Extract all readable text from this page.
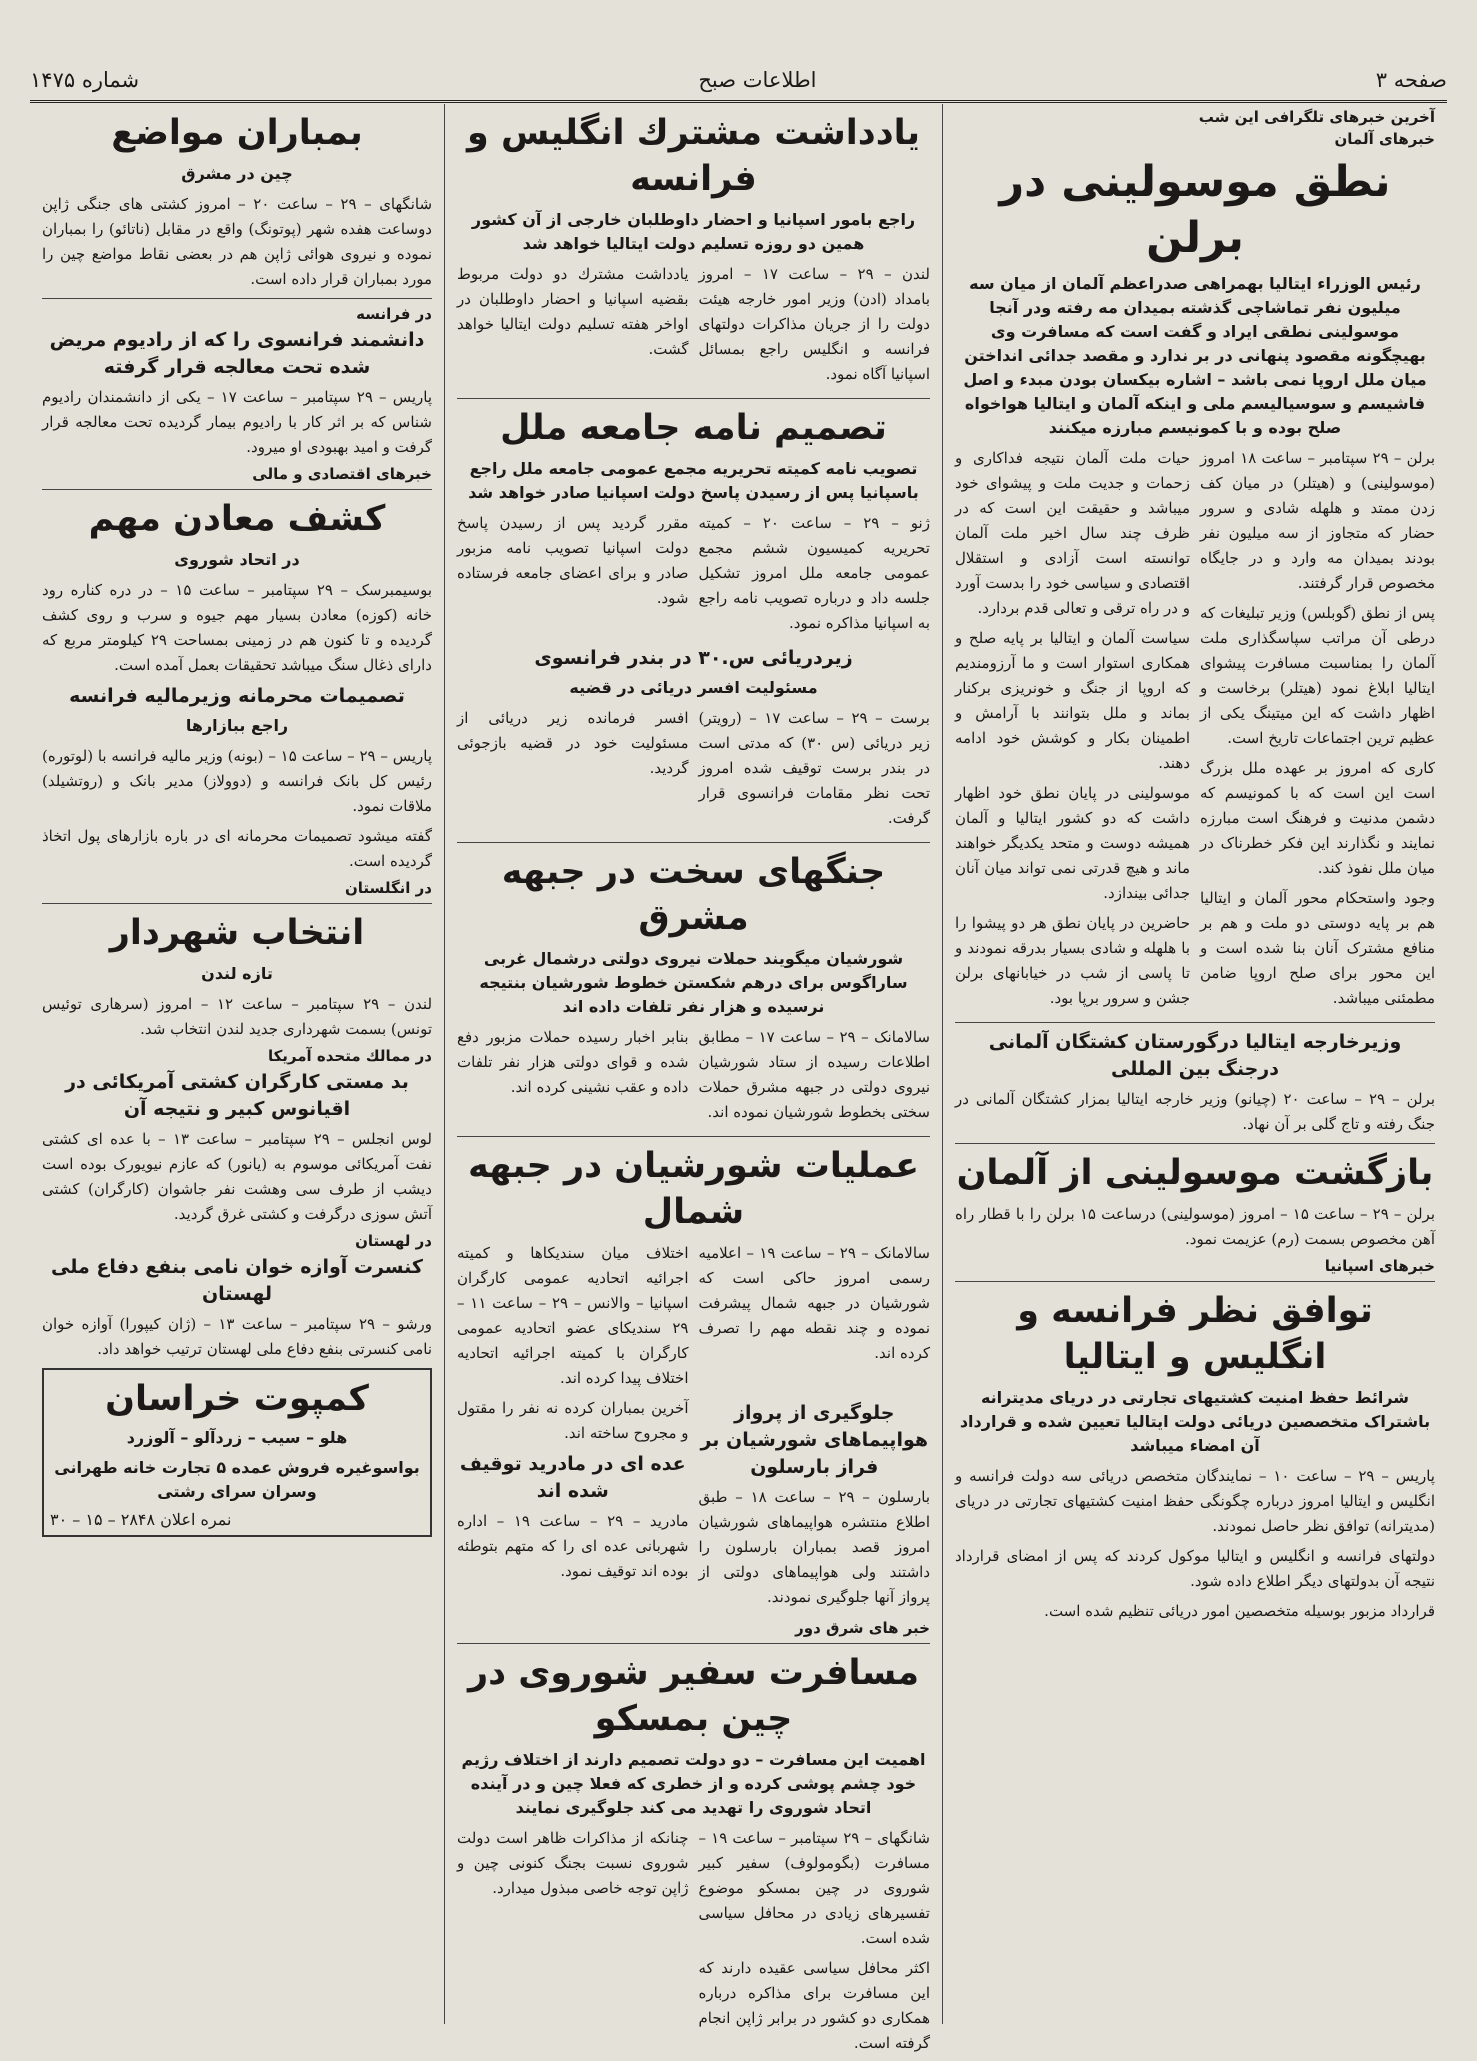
صفحه ۳
اطلاعات صبح
شماره ۱۴۷۵
آخرین خبرهای تلگرافی این شب
خبرهای آلمان
نطق موسولینی در برلن
رئیس الوزراء ایتالیا بهمراهی صدراعظم آلمان از میان سه میلیون نفر تماشاچی گذشته بمیدان مه رفته ودر آنجا موسولینی نطقی ایراد و گفت است که مسافرت وی بهیچگونه مقصود پنهانی در بر ندارد و مقصد جدائی انداختن میان ملل اروپا نمی باشد – اشاره بیکسان بودن مبدء و اصل فاشیسم و سوسیالیسم ملی و اینکه آلمان و ایتالیا هواخواه صلح بوده و با کمونیسم مبارزه میکنند

برلن – ۲۹ سپتامبر – ساعت ۱۸ امروز (موسولینی) و (هیتلر) در میان کف زدن ممتد و هلهله شادی و سرور حضار که متجاوز از سه میلیون نفر بودند بمیدان مه وارد و در جایگاه مخصوص قرار گرفتند.

پس از نطق (گوبلس) وزیر تبلیغات که درطی آن مراتب سپاسگذاری ملت آلمان را بمناسبت مسافرت پیشوای ایتالیا ابلاغ نمود (هیتلر) برخاست و اظهار داشت که این میتینگ یکی از عظیم ترین اجتماعات تاریخ است.

کاری که امروز بر عهده ملل بزرگ است این است که با کمونیسم که دشمن مدنیت و فرهنگ است مبارزه نمایند و نگذارند این فکر خطرناک در میان ملل نفوذ کند.

وجود واستحکام محور آلمان و ایتالیا هم بر پایه دوستی دو ملت و هم بر منافع مشترک آنان بنا شده است و این محور برای صلح اروپا ضامن مطمئنی میباشد.

حیات ملت آلمان نتیجه فداکاری و زحمات و جدیت ملت و پیشوای خود میباشد و حقیقت این است که در ظرف چند سال اخیر ملت آلمان توانسته است آزادی و استقلال اقتصادی و سیاسی خود را بدست آورد و در راه ترقی و تعالی قدم بردارد.

سیاست آلمان و ایتالیا بر پایه صلح و همکاری استوار است و ما آرزومندیم که اروپا از جنگ و خونریزی برکنار بماند و ملل بتوانند با آرامش و اطمینان بکار و کوشش خود ادامه دهند.

موسولینی در پایان نطق خود اظهار داشت که دو کشور ایتالیا و آلمان همیشه دوست و متحد یکدیگر خواهند ماند و هیچ قدرتی نمی تواند میان آنان جدائی بیندازد.

حاضرین در پایان نطق هر دو پیشوا را با هلهله و شادی بسیار بدرقه نمودند و تا پاسی از شب در خیابانهای برلن جشن و سرور برپا بود.

وزیرخارجه ایتالیا درگورستان کشتگان آلمانی درجنگ بین المللی

برلن – ۲۹ – ساعت ۲۰ (چیانو) وزیر خارجه ایتالیا بمزار کشتگان آلمانی در جنگ رفته و تاج گلی بر آن نهاد.

بازگشت موسولینی از آلمان

برلن – ۲۹ – ساعت ۱۵ – امروز (موسولینی) درساعت ۱۵ برلن را با قطار راه آهن مخصوص بسمت (رم) عزیمت نمود.

خبرهای اسپانیا
توافق نظر فرانسه و انگلیس و ایتالیا
شرائط حفظ امنیت کشتیهای تجارتی در دریای مدیترانه باشتراک متخصصین دریائی دولت ایتالیا تعیین شده و قرارداد آن امضاء میباشد

پاریس – ۲۹ – ساعت ۱۰ – نمایندگان متخصص دریائی سه دولت فرانسه و انگلیس و ایتالیا امروز درباره چگونگی حفظ امنیت کشتیهای تجارتی در دریای (مدیترانه) توافق نظر حاصل نمودند.

دولتهای فرانسه و انگلیس و ایتالیا موکول کردند که پس از امضای قرارداد نتیجه آن بدولتهای دیگر اطلاع داده شود.

قرارداد مزبور بوسیله متخصصین امور دریائی تنظیم شده است.

یادداشت مشترك انگلیس و فرانسه
راجع بامور اسپانیا و احضار داوطلبان خارجی از آن کشور همین دو روزه تسلیم دولت ایتالیا خواهد شد

لندن – ۲۹ – ساعت ۱۷ – امروز بامداد (ادن) وزیر امور خارجه هیئت دولت را از جریان مذاکرات دولتهای فرانسه و انگلیس راجع بمسائل اسپانیا آگاه نمود.

یادداشت مشترك دو دولت مربوط بقضیه اسپانیا و احضار داوطلبان در اواخر هفته تسلیم دولت ایتالیا خواهد گشت.

تصمیم نامه جامعه ملل
تصویب نامه کمیته تحریریه مجمع عمومی جامعه ملل راجع باسپانیا پس از رسیدن پاسخ دولت اسپانیا صادر خواهد شد

ژنو – ۲۹ – ساعت ۲۰ – کمیته تحریریه کمیسیون ششم مجمع عمومی جامعه ملل امروز تشکیل جلسه داد و درباره تصویب نامه راجع به اسپانیا مذاکره نمود.

مقرر گردید پس از رسیدن پاسخ دولت اسپانیا تصویب نامه مزبور صادر و برای اعضای جامعه فرستاده شود.

زیردریائی س.۳۰ در بندر فرانسوی
مسئولیت افسر دریائی در قضیه

برست – ۲۹ – ساعت ۱۷ – (رویتر) زیر دریائی (س ۳۰) که مدتی است در بندر برست توقیف شده امروز تحت نظر مقامات فرانسوی قرار گرفت.

افسر فرمانده زیر دریائی از مسئولیت خود در قضیه بازجوئی گردید.

جنگهای سخت در جبهه مشرق
شورشیان میگویند حملات نیروی دولتی درشمال غربی ساراگوس برای درهم شکستن خطوط شورشیان بنتیجه نرسیده و هزار نفر تلفات داده اند

سالامانک – ۲۹ – ساعت ۱۷ – مطابق اطلاعات رسیده از ستاد شورشیان نیروی دولتی در جبهه مشرق حملات سختی بخطوط شورشیان نموده اند.

بنابر اخبار رسیده حملات مزبور دفع شده و قوای دولتی هزار نفر تلفات داده و عقب نشینی کرده اند.

عملیات شورشیان در جبهه شمال

سالامانک – ۲۹ – ساعت ۱۹ – اعلامیه رسمی امروز حاکی است که شورشیان در جبهه شمال پیشرفت نموده و چند نقطه مهم را تصرف کرده اند.

اختلاف میان سندیکاها و کمیته اجرائیه اتحادیه عمومی کارگران اسپانیا – والانس – ۲۹ – ساعت ۱۱ – ۲۹ سندیکای عضو اتحادیه عمومی کارگران با کمیته اجرائیه اتحادیه اختلاف پیدا کرده اند.

جلوگیری از پرواز هواپیماهای شورشیان بر فراز بارسلون

بارسلون – ۲۹ – ساعت ۱۸ – طبق اطلاع منتشره هواپیماهای شورشیان امروز قصد بمباران بارسلون را داشتند ولی هواپیماهای دولتی از پرواز آنها جلوگیری نمودند.

آخرین بمباران کرده نه نفر را مقتول و مجروح ساخته اند.

عده ای در مادرید توقیف شده اند

مادرید – ۲۹ – ساعت ۱۹ – اداره شهربانی عده ای را که متهم بتوطئه بوده اند توقیف نمود.

خبر های شرق دور
مسافرت سفیر شوروی در چین بمسکو
اهمیت این مسافرت – دو دولت تصمیم دارند از اختلاف رژیم خود چشم پوشی کرده و از خطری که فعلا چین و در آینده اتحاد شوروی را تهدید می کند جلوگیری نمایند

شانگهای – ۲۹ سپتامبر – ساعت ۱۹ – مسافرت (بگومولوف) سفیر کبیر شوروی در چین بمسکو موضوع تفسیرهای زیادی در محافل سیاسی شده است.

اکثر محافل سیاسی عقیده دارند که این مسافرت برای مذاکره درباره همکاری دو کشور در برابر ژاپن انجام گرفته است.

چنانکه از مذاکرات ظاهر است دولت شوروی نسبت بجنگ کنونی چین و ژاپن توجه خاصی مبذول میدارد.

بمباران مواضع
چین در مشرق

شانگهای – ۲۹ – ساعت ۲۰ – امروز کشتی های جنگی ژاپن دوساعت هفده شهر (پوتونگ) واقع در مقابل (ناتائو) را بمباران نموده و نیروی هوائی ژاپن هم در بعضی نقاط مواضع چین را مورد بمباران قرار داده است.

در فرانسه
دانشمند فرانسوی را که از رادیوم مریض شده تحت معالجه قرار گرفته

پاریس – ۲۹ سپتامبر – ساعت ۱۷ – یکی از دانشمندان رادیوم شناس که بر اثر کار با رادیوم بیمار گردیده تحت معالجه قرار گرفت و امید بهبودی او میرود.

خبرهای اقتصادی و مالی
کشف معادن مهم
در اتحاد شوروی

بوسیمبرسک – ۲۹ سپتامبر – ساعت ۱۵ – در دره کناره رود خانه (کوزه) معادن بسیار مهم جیوه و سرب و روی کشف گردیده و تا کنون هم در زمینی بمساحت ۲۹ کیلومتر مربع که دارای ذغال سنگ میباشد تحقیقات بعمل آمده است.

تصمیمات محرمانه وزیرمالیه فرانسه
راجع ببازارها

پاریس – ۲۹ – ساعت ۱۵ – (بونه) وزیر مالیه فرانسه با (لوتوره) رئیس کل بانک فرانسه و (دوولاز) مدیر بانک و (روتشیلد) ملاقات نمود.

گفته میشود تصمیمات محرمانه ای در باره بازارهای پول اتخاذ گردیده است.

در انگلستان
انتخاب شهردار
تازه لندن

لندن – ۲۹ سپتامبر – ساعت ۱۲ – امروز (سرهاری توئیس تونس) بسمت شهرداری جدید لندن انتخاب شد.

در ممالك متحده آمریکا
بد مستی كارگران كشتی آمریكائی در اقیانوس كبیر و نتیجه آن

لوس انجلس – ۲۹ سپتامبر – ساعت ۱۳ – با عده ای کشتی نفت آمریکائی موسوم به (یانور) که عازم نیویورک بوده است دیشب از طرف سی وهشت نفر جاشوان (کارگران) کشتی آتش سوزی درگرفت و کشتی غرق گردید.

در لهستان
کنسرت آوازه خوان نامی بنفع دفاع ملی لهستان

ورشو – ۲۹ سپتامبر – ساعت ۱۳ – (ژان کیپورا) آوازه خوان نامی کنسرتی بنفع دفاع ملی لهستان ترتیب خواهد داد.

کمپوت خراسان
هلو – سیب – زردآلو – آلوزرد
بواسوغیره فروش عمده ۵ تجارت خانه طهرانی وسران سرای رشتی
نمره اعلان ۲۸۴۸ – ۱۵ – ۳۰
